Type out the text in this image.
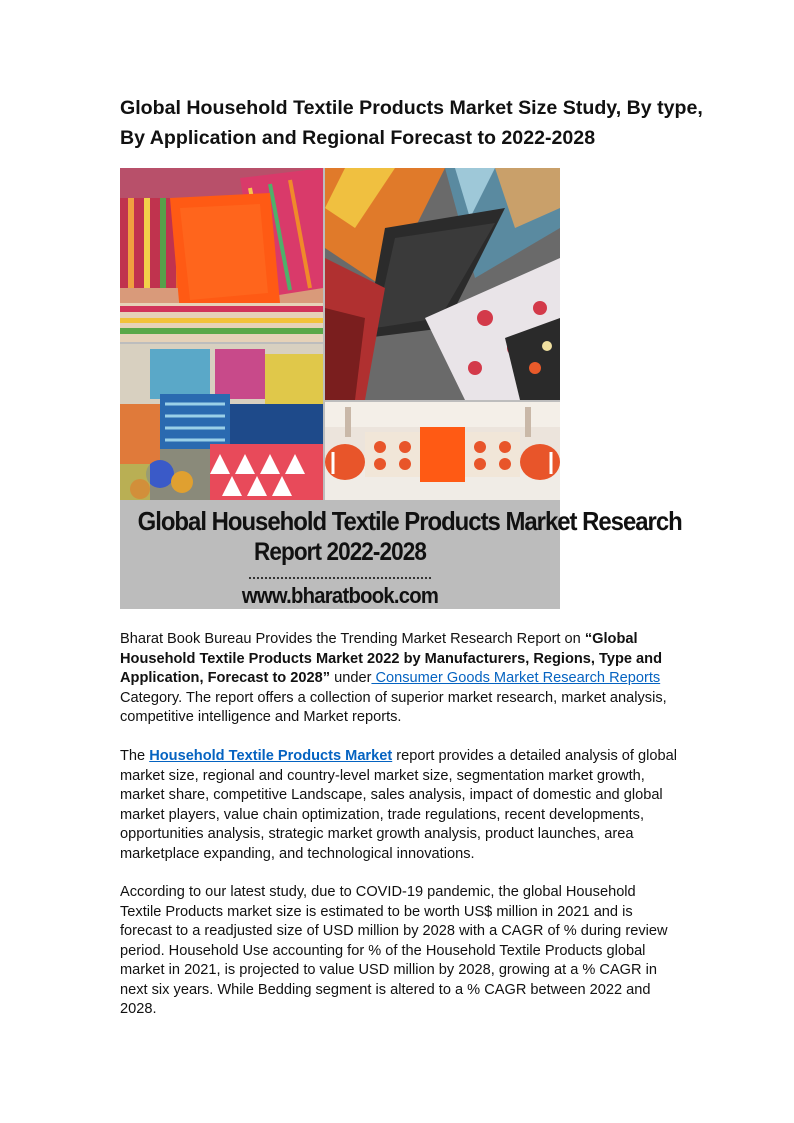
Global Household Textile Products Market Size Study, By type,
By Application and Regional Forecast to 2022-2028
Global Household Textile Products Market Research
Report 2022-2028
www.bharatbook.com

Bharat Book Bureau Provides the Trending Market Research Report on “Global Household Textile Products Market 2022 by Manufacturers, Regions, Type and Application, Forecast to 2028” under Consumer Goods Market Research Reports Category. The report offers a collection of superior market research, market analysis, competitive intelligence and Market reports.

The Household Textile Products Market report provides a detailed analysis of global market size, regional and country-level market size, segmentation market growth, market share, competitive Landscape, sales analysis, impact of domestic and global market players, value chain optimization, trade regulations, recent developments, opportunities analysis, strategic market growth analysis, product launches, area marketplace expanding, and technological innovations.

According to our latest study, due to COVID-19 pandemic, the global Household Textile Products market size is estimated to be worth US$ million in 2021 and is forecast to a readjusted size of USD million by 2028 with a CAGR of % during review period. Household Use accounting for % of the Household Textile Products global market in 2021, is projected to value USD million by 2028, growing at a % CAGR in next six years. While Bedding segment is altered to a % CAGR between 2022 and 2028.
